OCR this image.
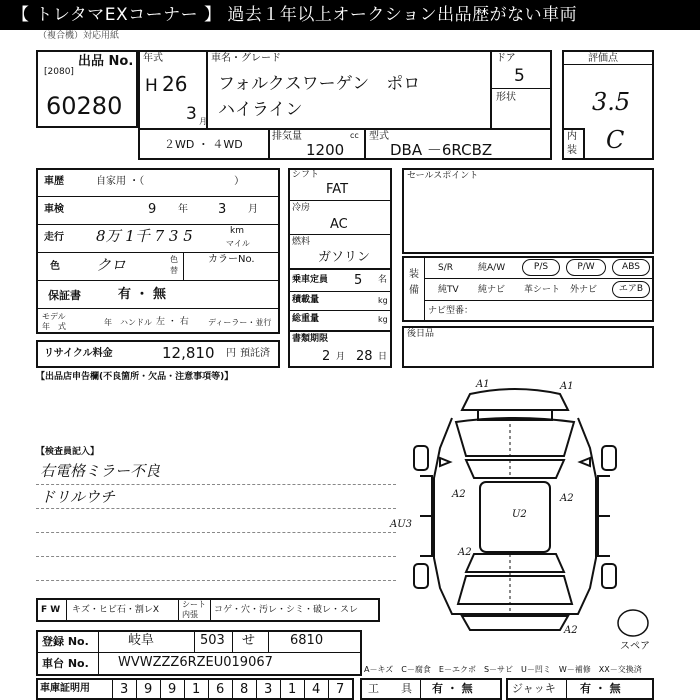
【 トレタマEXコーナー 】 過去１年以上オークション出品歴がない車両
（複合機）対応用紙
出品 No.
[2080]
60280
年式
H 26
3 月
車名・グレード
フォルクスワーゲン　ポロ
ハイライン
ドア
5
形状
２WD ・ ４WD
排気量	cc
1200
型式
DBA －6RCBZ
評価点
3.5
内
装 C
車歴	自家用 ・（　　　　　　　　　）
車検	9 年 3 月
走行 8万 1千 7 3 5	km
マイル
色 クロ	色
替
カラーNo.
保証書	有 ・ 無
モデル
年　式	年 ハンドル 左 ・ 右 ディーラー・並行
リサイクル料金	12,810 円 預託済
シフト
FAT
冷房
AC
燃料
ガソリン
乗車定員 5 名
積載量	kg
総重量	kg
書類期限
2 月 28 日
セールスポイント
装
備
S/R	純A/W	P/S	P/W	ABS
純TV 純ナビ 革シート 外ナビ	エアB
ナビ型番：
後日品
【出品店申告欄(不良箇所・欠品・注意事項等)】
【検査員記入】
右電格ミラー不良
ドリルウチ
A1	A1
A2	A2
U2
AU3
A2
A2
スペア
F W キズ・ヒビ石・割レX
シート
内張 コゲ・穴・汚レ・シミ・破レ・スレ
登録 No.	岐阜	503 せ	6810
車台 No. WVWZZZ6RZEU019067	A－キズ　C－腐食　E－エクボ　S－サビ　U－凹ミ　W－補修　XX－交換済
車庫証明用 3 9 9 1 6 8 3 1 4 7 工　　具 有 ・ 無	ジャッキ 有 ・ 無
